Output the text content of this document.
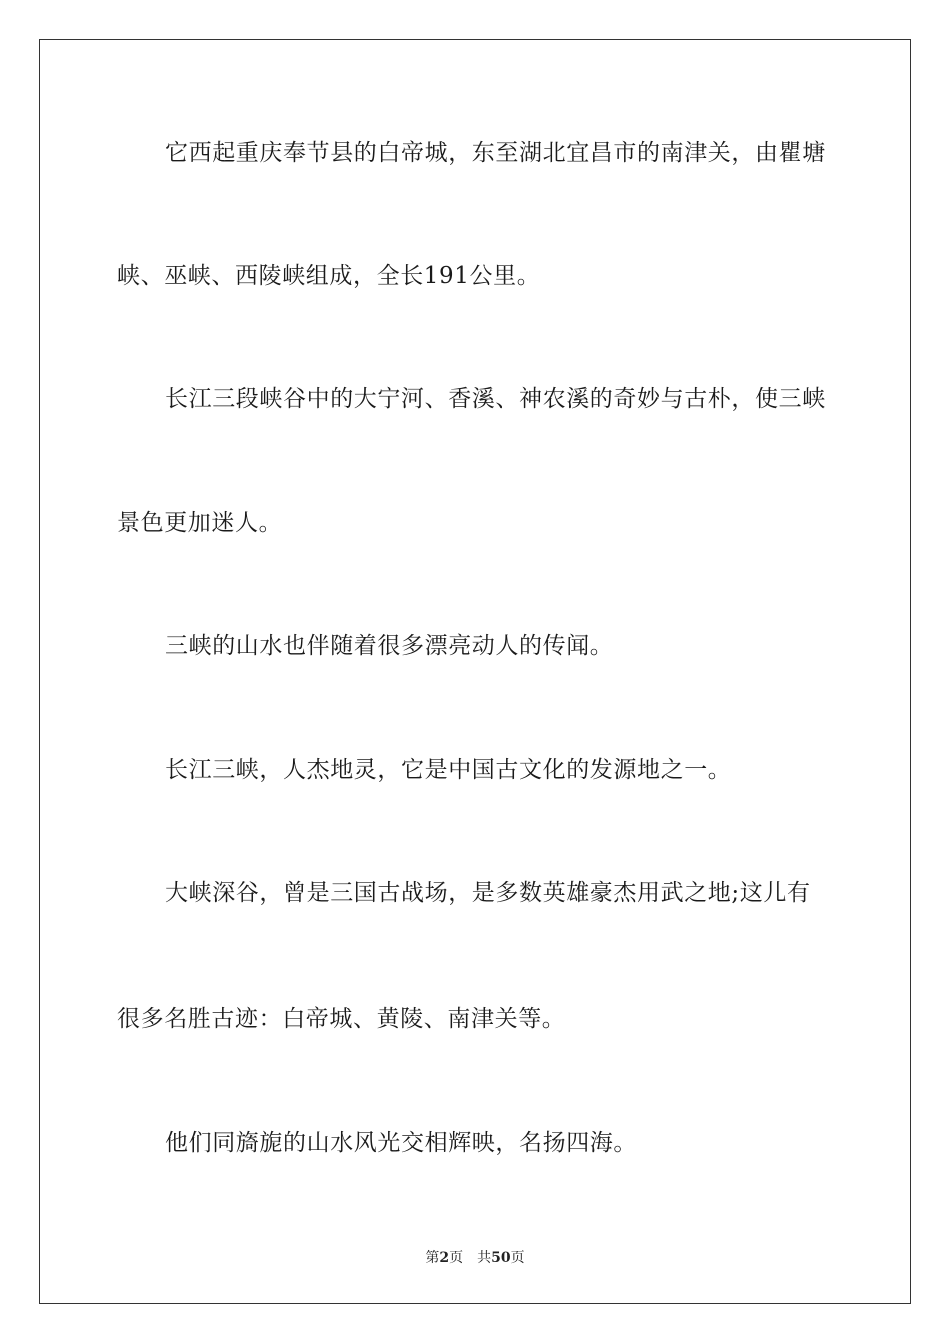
它西起重庆奉节县的白帝城，东至湖北宜昌市的南津关，由瞿塘
峡、巫峡、西陵峡组成，全长191公里。
长江三段峡谷中的大宁河、香溪、神农溪的奇妙与古朴，使三峡
景色更加迷人。
三峡的山水也伴随着很多漂亮动人的传闻。
长江三峡，人杰地灵，它是中国古文化的发源地之一。
大峡深谷，曾是三国古战场，是多数英雄豪杰用武之地;这儿有
很多名胜古迹：白帝城、黄陵、南津关等。
他们同旖旎的山水风光交相辉映，名扬四海。
第2页 共50页
